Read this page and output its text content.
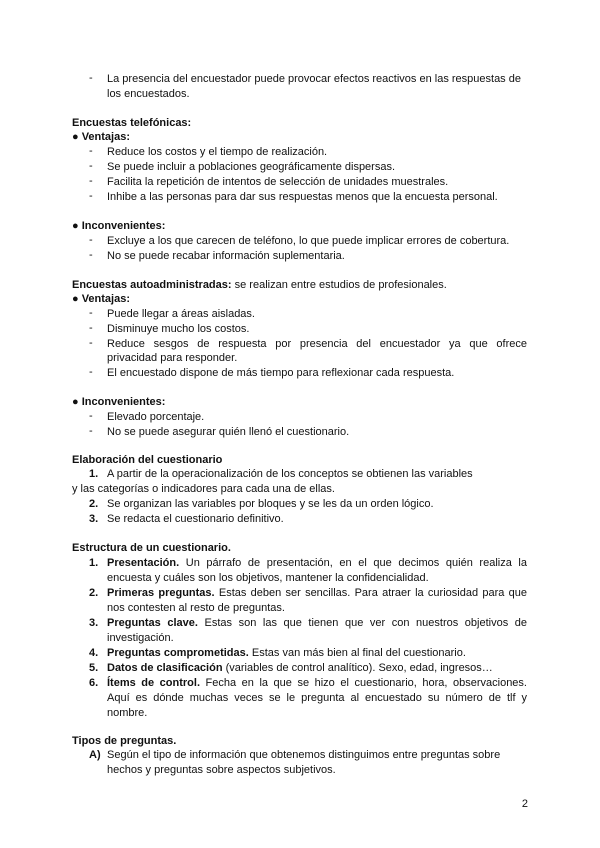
- La presencia del encuestador puede provocar efectos reactivos en las respuestas de
los encuestados.
Encuestas telefónicas:
● Ventajas:
- Reduce los costos y el tiempo de realización.
- Se puede incluir a poblaciones geográficamente dispersas.
- Facilita la repetición de intentos de selección de unidades muestrales.
- Inhibe a las personas para dar sus respuestas menos que la encuesta personal.
● Inconvenientes:
- Excluye a los que carecen de teléfono, lo que puede implicar errores de cobertura.
- No se puede recabar información suplementaria.
Encuestas autoadministradas: se realizan entre estudios de profesionales.
● Ventajas:
- Puede llegar a áreas aisladas.
- Disminuye mucho los costos.
- Reduce sesgos de respuesta por presencia del encuestador ya que ofrece
privacidad para responder.
- El encuestado dispone de más tiempo para reflexionar cada respuesta.
● Inconvenientes:
- Elevado porcentaje.
- No se puede asegurar quién llenó el cuestionario.
Elaboración del cuestionario
1. A partir de la operacionalización de los conceptos se obtienen las variables
y las categorías o indicadores para cada una de ellas.
2. Se organizan las variables por bloques y se les da un orden lógico.
3. Se redacta el cuestionario definitivo.
Estructura de un cuestionario.
1. Presentación. Un párrafo de presentación, en el que decimos quién realiza la
encuesta y cuáles son los objetivos, mantener la confidencialidad.
2. Primeras preguntas. Estas deben ser sencillas. Para atraer la curiosidad para que
nos contesten al resto de preguntas.
3. Preguntas clave. Estas son las que tienen que ver con nuestros objetivos de
investigación.
4. Preguntas comprometidas. Estas van más bien al final del cuestionario.
5. Datos de clasificación (variables de control analítico). Sexo, edad, ingresos…
6. Ítems de control. Fecha en la que se hizo el cuestionario, hora, observaciones.
Aquí es dónde muchas veces se le pregunta al encuestado su número de tlf y
nombre.
Tipos de preguntas.
A) Según el tipo de información que obtenemos distinguimos entre preguntas sobre
hechos y preguntas sobre aspectos subjetivos.
2
